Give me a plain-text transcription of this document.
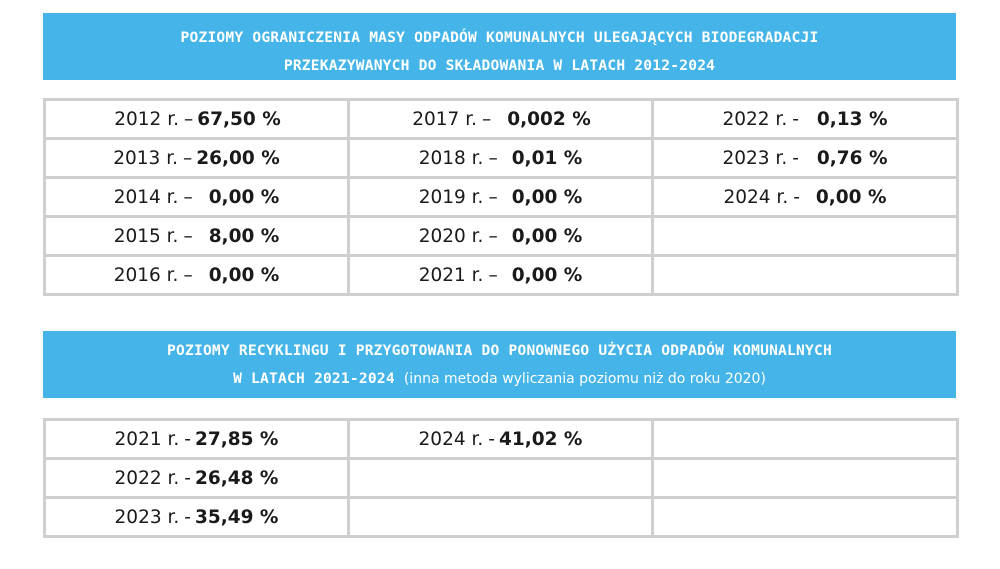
POZIOMY OGRANICZENIA MASY ODPADÓW KOMUNALNYCH ULEGAJĄCYCH BIODEGRADACJI
PRZEKAZYWANYCH DO SKŁADOWANIA W LATACH 2012-2024
2012 r. – 67,50 %	2017 r. – 0,002 %	2022 r. - 0,13 %

2013 r. – 26,00 %	2018 r. – 0,01 %	2023 r. - 0,76 %

2014 r. – 0,00 %	2019 r. – 0,00 %	2024 r. - 0,00 %

2015 r. – 8,00 %	2020 r. – 0,00 %	

2016 r. – 0,00 %	2021 r. – 0,00 %	

POZIOMY RECYKLINGU I PRZYGOTOWANIA DO PONOWNEGO UŻYCIA ODPADÓW KOMUNALNYCH
W LATACH 2021-2024 (inna metoda wyliczania poziomu niż do roku 2020)
2021 r. - 27,85 %	2024 r. - 41,02 %	

2022 r. - 26,48 %		

2023 r. - 35,49 %		
